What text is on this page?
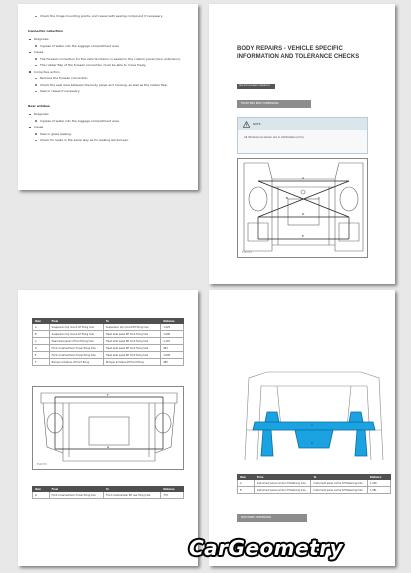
Check the hinge mounting points, and reseal with sealing compound if necessary.
Connector collection
Diagnosis
Ingress of water into the luggage compartment area
Cause
The foresail connection for the vehicle interior is sealed in the custom panel (door extension).
The rubber flap of the foresail connection must be able to move freely.
Corrective action
Remove the foresail connection.
Check the seal area between the body panel and housing, as well as the rubber flap.
Seal or reseal if necessary.
Rear window
Diagnosis
Ingress of water into the luggage compartment area
Cause
Seal or glass leaking.
Check for leaks in the same way as for leaking windscreen.
BODY REPAIRS - VEHICLE SPECIFIC INFORMATION AND TOLERANCE CHECKS
DESCRIPTION AND OPERATION
FRONT END BODY DIMENSIONS
NOTE:
All dimensions shown are in millimeters (mm).
A
B	C
D
E
E124714
Item	From	To	Distance
A	Suspension top mount LH fixing hole	Suspension top mount RH fixing hole	1,229
B	Suspension top mount LH fixing hole	Head wide panel RH front fixing hole	1,098
C	Head wide panel LH front fixing hole	Head wide panel RH front fixing hole	1,145
D	Front crossmember LH rear fixing hole	Head wide panel RH front fixing hole	983
E	Front crossmember LH rear fixing hole	Head wide panel RH front fixing hole	1,098
F	Bumper armature LH front fixing	Bumper armature RH front fixing	983
F
G
E124715
Item	From	To	Distance
G	Front crossmember LH rear fixing hole	Front crossmember RH rear fixing hole	779
A
B
Item	From	To	Distance
A	Instrument panel carrier LH fastening hole	Instrument panel carrier RH fastening hole	1,430
B	Instrument panel carrier LH fastening hole	Instrument panel carrier RH fastening hole	1,381
SIDE PANEL DIMENSIONS
CarGeometry
